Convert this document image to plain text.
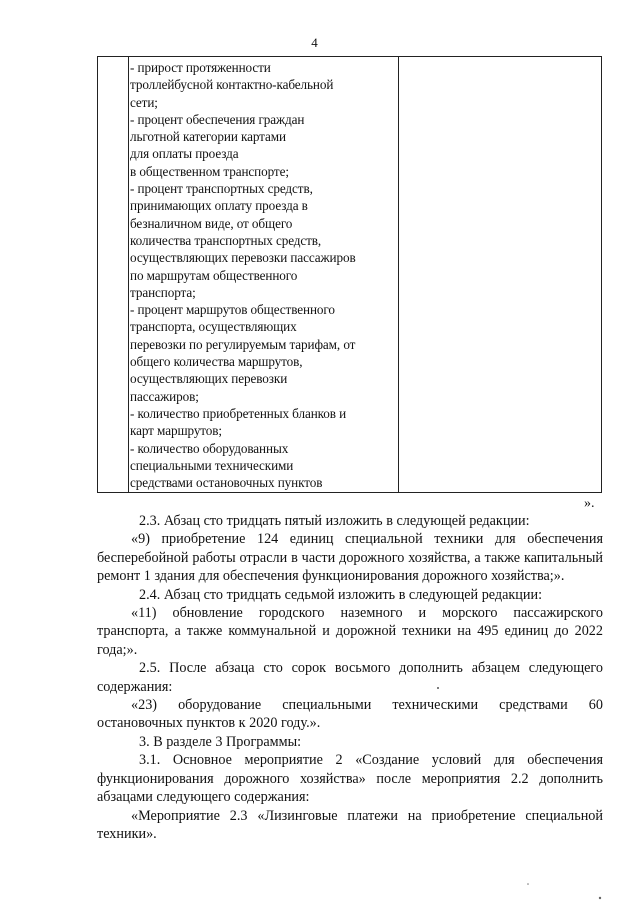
4
- прирост протяженности
троллейбусной контактно-кабельной
сети;
- процент обеспечения граждан
льготной категории картами
для оплаты проезда
в общественном транспорте;
- процент транспортных средств,
принимающих оплату проезда в
безналичном виде, от общего
количества транспортных средств,
осуществляющих перевозки пассажиров
по маршрутам общественного
транспорта;
- процент маршрутов общественного
транспорта, осуществляющих
перевозки по регулируемым тарифам, от
общего количества маршрутов,
осуществляющих перевозки
пассажиров;
- количество приобретенных бланков и
карт маршрутов;
- количество оборудованных
специальными техническими
средствами остановочных пунктов
».

2.3. Абзац сто тридцать пятый изложить в следующей редакции:

«9) приобретение 124 единиц специальной техники для обеспечения бесперебойной работы отрасли в части дорожного хозяйства, а также капитальный ремонт 1 здания для обеспечения функционирования дорожного хозяйства;».

2.4. Абзац сто тридцать седьмой изложить в следующей редакции:

«11) обновление городского наземного и морского пассажирского транспорта, а также коммунальной и дорожной техники на 495 единиц до 2022 года;».

2.5. После абзаца сто сорок восьмого дополнить абзацем следующего содержания:

«23) оборудование специальными техническими средствами 60 остановочных пунктов к 2020 году.».

3. В разделе 3 Программы:

3.1. Основное мероприятие 2 «Создание условий для обеспечения функционирования дорожного хозяйства» после мероприятия 2.2 дополнить абзацами следующего содержания:

«Мероприятие 2.3 «Лизинговые платежи на приобретение специальной техники».
